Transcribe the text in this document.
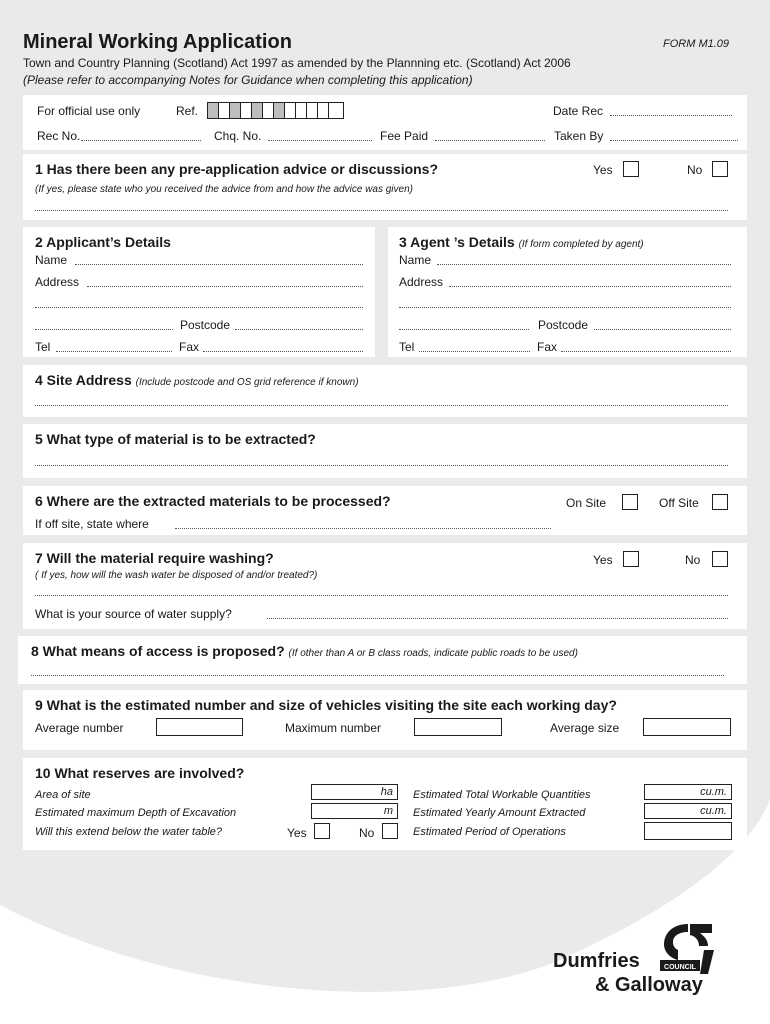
Mineral Working Application	FORM M1.09
Town and Country Planning (Scotland) Act 1997 as amended by the Plannning etc. (Scotland) Act 2006
(Please refer to accompanying Notes for Guidance when completing this application)
For official use only	Ref.	Date Rec
Rec No.	Chq. No.	Fee Paid	Taken By
1 Has there been any pre-application advice or discussions?
(If yes, please state who you received the advice from and how the advice was given)
Yes	No
2 Applicant’s Details
Name
Address
Postcode
Tel	Fax
3 Agent ’s Details (If form completed by agent)
Name
Address
Postcode
Tel	Fax
4 Site Address (Include postcode and OS grid reference if known)
5 What type of material is to be extracted?
6 Where are the extracted materials to be processed?	On Site	Off Site
If off site, state where
7 Will the material require washing?
( If yes, how will the wash water be disposed of and/or treated?)
Yes	No
What is your source of water supply?
8 What means of access is proposed? (If other than A or B class roads, indicate public roads to be used)
9 What is the estimated number and size of vehicles visiting the site each working day?
Average number	Maximum number	Average size
10 What reserves are involved?
Area of site	ha
Estimated maximum Depth of Excavation	m
Will this extend below the water table?	Yes	No
Estimated Total Workable Quantities	cu.m.
Estimated Yearly Amount Extracted	cu.m.
Estimated Period of Operations
COUNCIL
Dumfries
& Galloway
